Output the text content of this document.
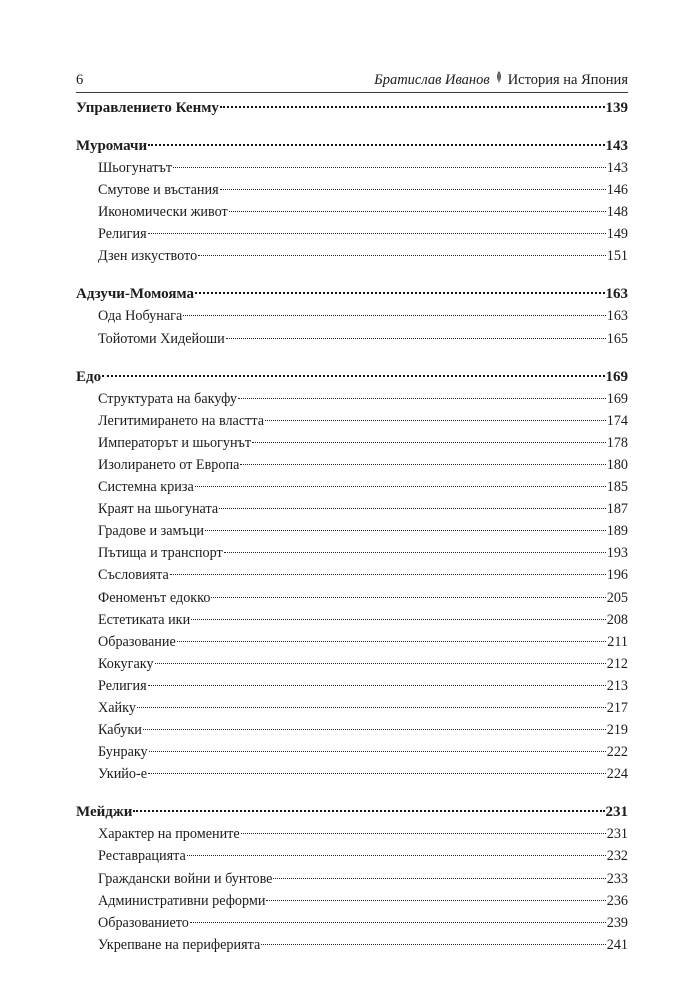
6	Братислав Иванов История на Япония
Управлението Кенму	139
Муромачи	143
Шьогунатът	143
Смутове и въстания	146
Икономически живот	148
Религия	149
Дзен изкуството	151
Адзучи-Момояма	163
Ода Нобунага	163
Тойотоми Хидейоши	165
Едо	169
Структурата на бакуфу	169
Легитимирането на властта	174
Императорът и шьогунът	178
Изолирането от Европа	180
Системна криза	185
Краят на шьогуната	187
Градове и замъци	189
Пътища и транспорт	193
Съсловията	196
Феноменът едокко	205
Естетиката ики	208
Образование	211
Кокугаку	212
Религия	213
Хайку	217
Кабуки	219
Бунраку	222
Укийо-е	224
Мейджи	231
Характер на промените	231
Реставрацията	232
Граждански войни и бунтове	233
Административни реформи	236
Образованието	239
Укрепване на периферията	241
